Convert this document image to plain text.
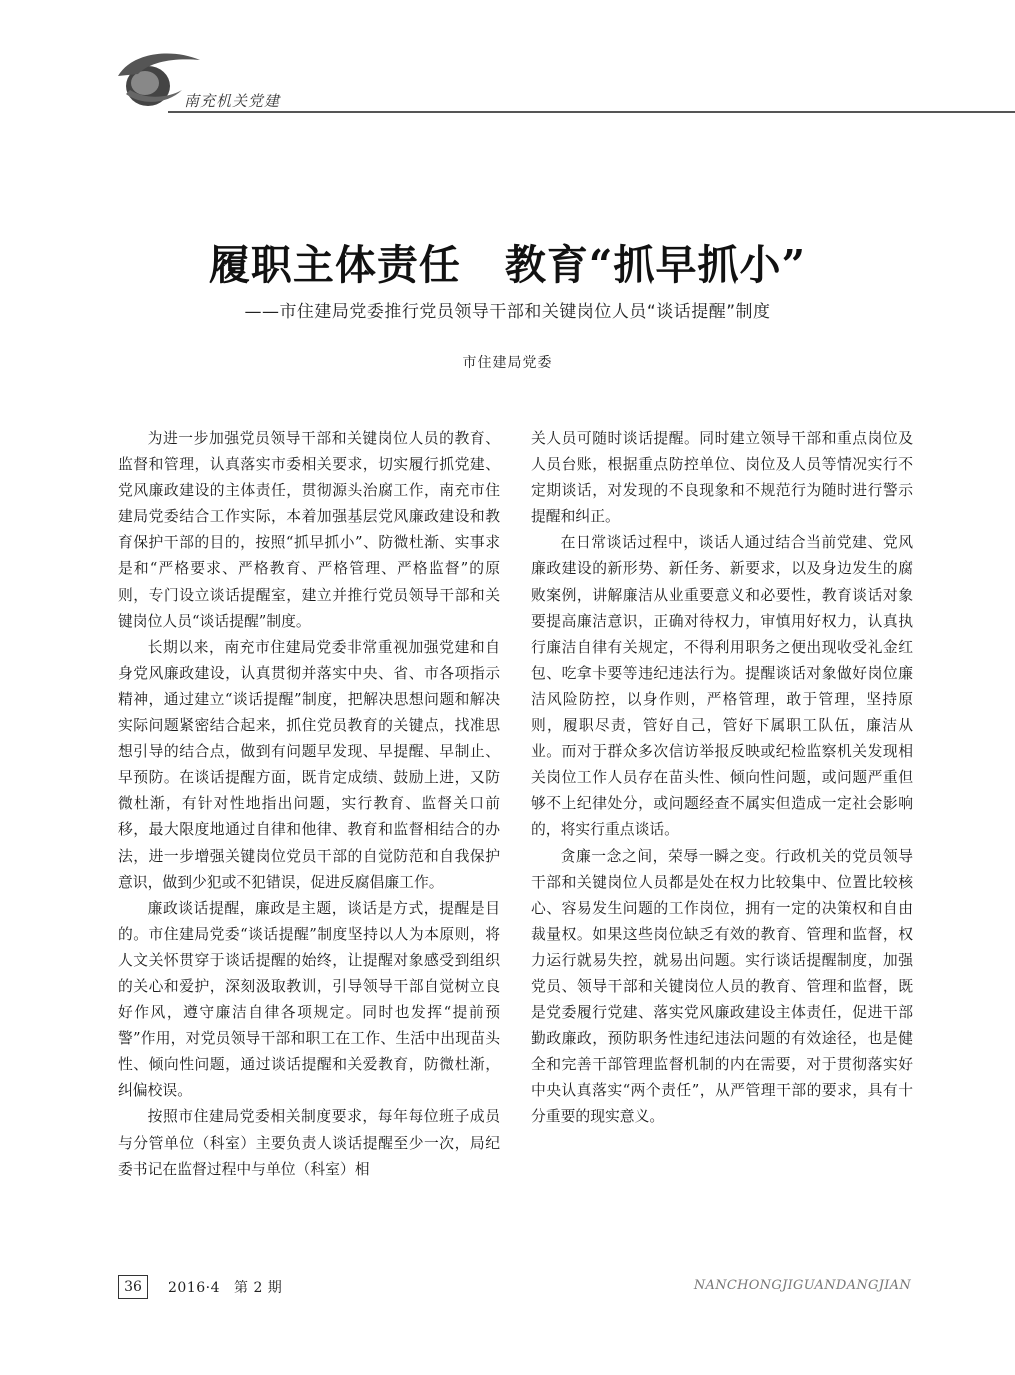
南充机关党建
履职主体责任 教育“抓早抓小”
——市住建局党委推行党员领导干部和关键岗位人员“谈话提醒”制度
市住建局党委

为进一步加强党员领导干部和关键岗位人员的教育、监督和管理，认真落实市委相关要求，切实履行抓党建、党风廉政建设的主体责任，贯彻源头治腐工作，南充市住建局党委结合工作实际，本着加强基层党风廉政建设和教育保护干部的目的，按照“抓早抓小”、防微杜渐、实事求是和“严格要求、严格教育、严格管理、严格监督”的原则，专门设立谈话提醒室，建立并推行党员领导干部和关键岗位人员“谈话提醒”制度。

长期以来，南充市住建局党委非常重视加强党建和自身党风廉政建设，认真贯彻并落实中央、省、市各项指示精神，通过建立“谈话提醒”制度，把解决思想问题和解决实际问题紧密结合起来，抓住党员教育的关键点，找准思想引导的结合点，做到有问题早发现、早提醒、早制止、早预防。在谈话提醒方面，既肯定成绩、鼓励上进，又防微杜渐，有针对性地指出问题，实行教育、监督关口前移，最大限度地通过自律和他律、教育和监督相结合的办法，进一步增强关键岗位党员干部的自觉防范和自我保护意识，做到少犯或不犯错误，促进反腐倡廉工作。

廉政谈话提醒，廉政是主题，谈话是方式，提醒是目的。市住建局党委“谈话提醒”制度坚持以人为本原则，将人文关怀贯穿于谈话提醒的始终，让提醒对象感受到组织的关心和爱护，深刻汲取教训，引导领导干部自觉树立良好作风，遵守廉洁自律各项规定。同时也发挥“提前预警”作用，对党员领导干部和职工在工作、生活中出现苗头性、倾向性问题，通过谈话提醒和关爱教育，防微杜渐，纠偏校误。

按照市住建局党委相关制度要求，每年每位班子成员与分管单位（科室）主要负责人谈话提醒至少一次，局纪委书记在监督过程中与单位（科室）相

关人员可随时谈话提醒。同时建立领导干部和重点岗位及人员台账，根据重点防控单位、岗位及人员等情况实行不定期谈话，对发现的不良现象和不规范行为随时进行警示提醒和纠正。

在日常谈话过程中，谈话人通过结合当前党建、党风廉政建设的新形势、新任务、新要求，以及身边发生的腐败案例，讲解廉洁从业重要意义和必要性，教育谈话对象要提高廉洁意识，正确对待权力，审慎用好权力，认真执行廉洁自律有关规定，不得利用职务之便出现收受礼金红包、吃拿卡要等违纪违法行为。提醒谈话对象做好岗位廉洁风险防控，以身作则，严格管理，敢于管理，坚持原则，履职尽责，管好自己，管好下属职工队伍，廉洁从业。而对于群众多次信访举报反映或纪检监察机关发现相关岗位工作人员存在苗头性、倾向性问题，或问题严重但够不上纪律处分，或问题经查不属实但造成一定社会影响的，将实行重点谈话。

贪廉一念之间，荣辱一瞬之变。行政机关的党员领导干部和关键岗位人员都是处在权力比较集中、位置比较核心、容易发生问题的工作岗位，拥有一定的决策权和自由裁量权。如果这些岗位缺乏有效的教育、管理和监督，权力运行就易失控，就易出问题。实行谈话提醒制度，加强党员、领导干部和关键岗位人员的教育、管理和监督，既是党委履行党建、落实党风廉政建设主体责任，促进干部勤政廉政，预防职务性违纪违法问题的有效途径，也是健全和完善干部管理监督机制的内在需要，对于贯彻落实好中央认真落实“两个责任”，从严管理干部的要求，具有十分重要的现实意义。

36	2016·4 第 2 期	NANCHONGJIGUANDANGJIAN
